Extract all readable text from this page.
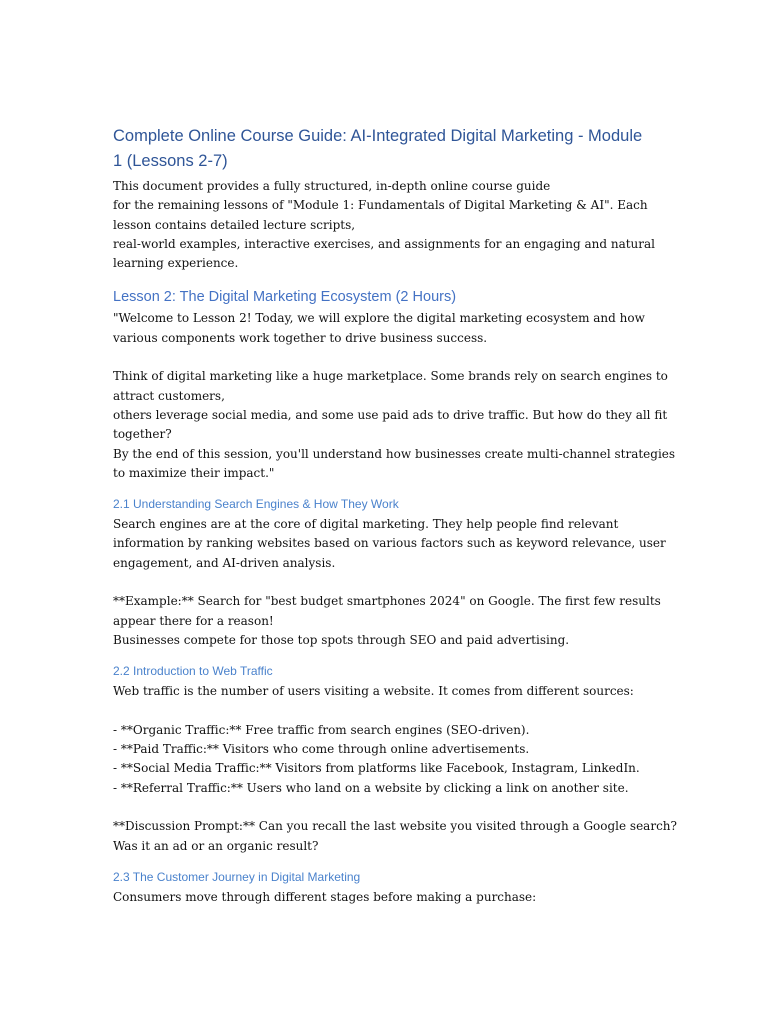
Complete Online Course Guide: AI-Integrated Digital Marketing - Module
1 (Lessons 2-7)

This document provides a fully structured, in-depth online course guide
for the remaining lessons of "Module 1: Fundamentals of Digital Marketing & AI". Each
lesson contains detailed lecture scripts,
real-world examples, interactive exercises, and assignments for an engaging and natural
learning experience.

Lesson 2: The Digital Marketing Ecosystem (2 Hours)

"Welcome to Lesson 2! Today, we will explore the digital marketing ecosystem and how
various components work together to drive business success.
Think of digital marketing like a huge marketplace. Some brands rely on search engines to
attract customers,
others leverage social media, and some use paid ads to drive traffic. But how do they all fit
together?
By the end of this session, you'll understand how businesses create multi-channel strategies
to maximize their impact."

2.1 Understanding Search Engines & How They Work

Search engines are at the core of digital marketing. They help people find relevant
information by ranking websites based on various factors such as keyword relevance, user
engagement, and AI-driven analysis.
**Example:** Search for "best budget smartphones 2024" on Google. The first few results
appear there for a reason!
Businesses compete for those top spots through SEO and paid advertising.

2.2 Introduction to Web Traffic

Web traffic is the number of users visiting a website. It comes from different sources:
- **Organic Traffic:** Free traffic from search engines (SEO-driven).
- **Paid Traffic:** Visitors who come through online advertisements.
- **Social Media Traffic:** Visitors from platforms like Facebook, Instagram, LinkedIn.
- **Referral Traffic:** Users who land on a website by clicking a link on another site.
**Discussion Prompt:** Can you recall the last website you visited through a Google search?
Was it an ad or an organic result?

2.3 The Customer Journey in Digital Marketing

Consumers move through different stages before making a purchase:
